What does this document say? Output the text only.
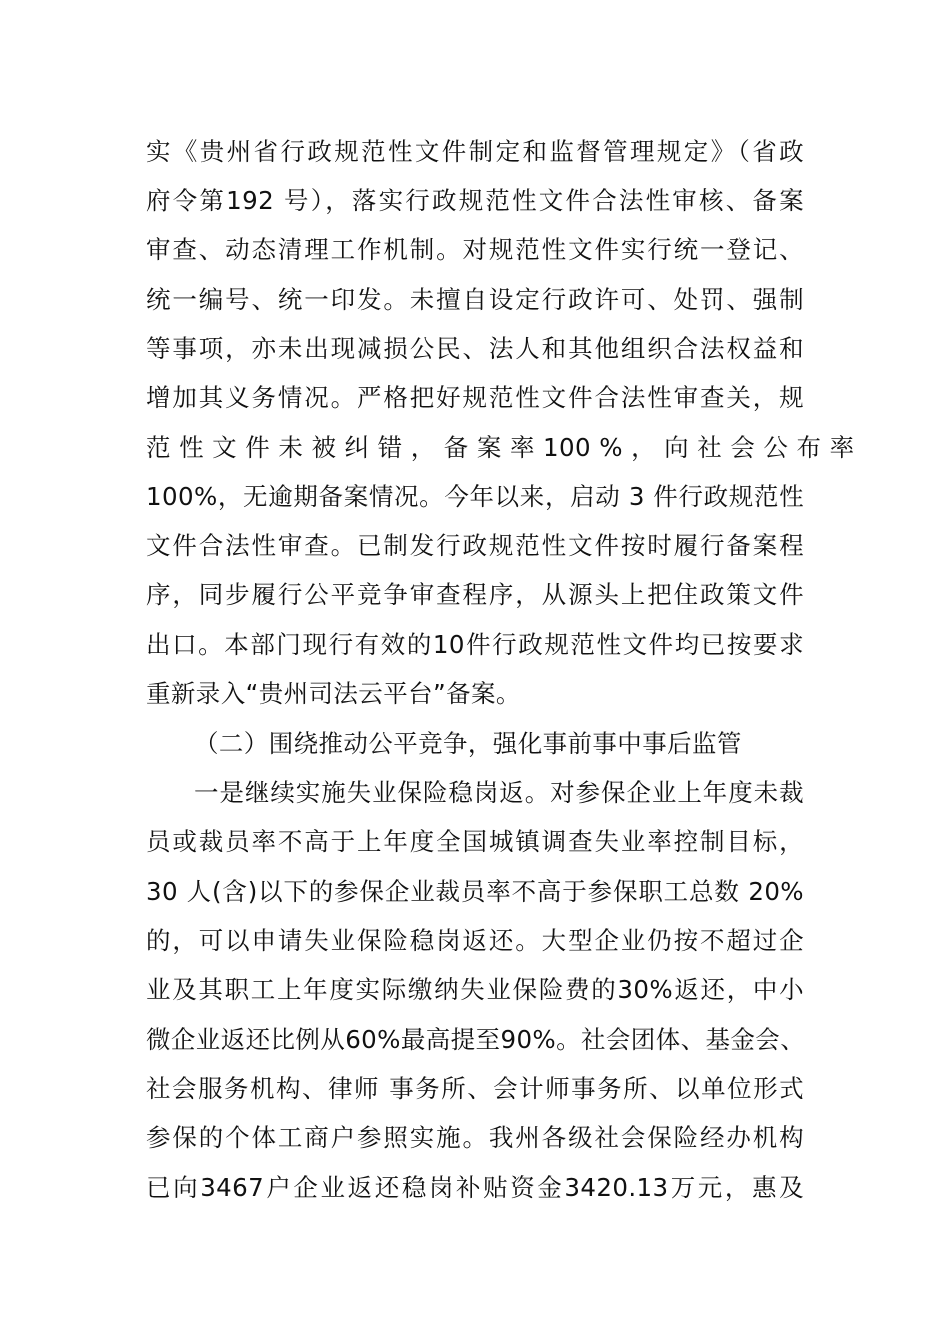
实《贵州省行政规范性文件制定和监督管理规定》（省政
府令第192 号），落实行政规范性文件合法性审核、备案
审查、动态清理工作机制。对规范性文件实行统一登记、
统一编号、统一印发。未擅自设定行政许可、处罚、强制
等事项，亦未出现减损公民、法人和其他组织合法权益和
增加其义务情况。严格把好规范性文件合法性审查关，规
范 性 文 件 未 被 纠 错 ， 备 案 率 100 % ， 向 社 会 公 布 率
100%，无逾期备案情况。今年以来，启动 3 件行政规范性
文件合法性审查。已制发行政规范性文件按时履行备案程
序，同步履行公平竞争审查程序，从源头上把住政策文件
出口。本部门现行有效的10件行政规范性文件均已按要求
重新录入“贵州司法云平台”备案。
（二）围绕推动公平竞争，强化事前事中事后监管
一是继续实施失业保险稳岗返。对参保企业上年度未裁
员或裁员率不高于上年度全国城镇调查失业率控制目标，
30 人(含)以下的参保企业裁员率不高于参保职工总数 20%
的，可以申请失业保险稳岗返还。大型企业仍按不超过企
业及其职工上年度实际缴纳失业保险费的30%返还，中小
微企业返还比例从60%最高提至90%。社会团体、基金会、
社会服务机构、律师 事务所、会计师事务所、以单位形式
参保的个体工商户参照实施。我州各级社会保险经办机构
已向3467户企业返还稳岗补贴资金3420.13万元，惠及
